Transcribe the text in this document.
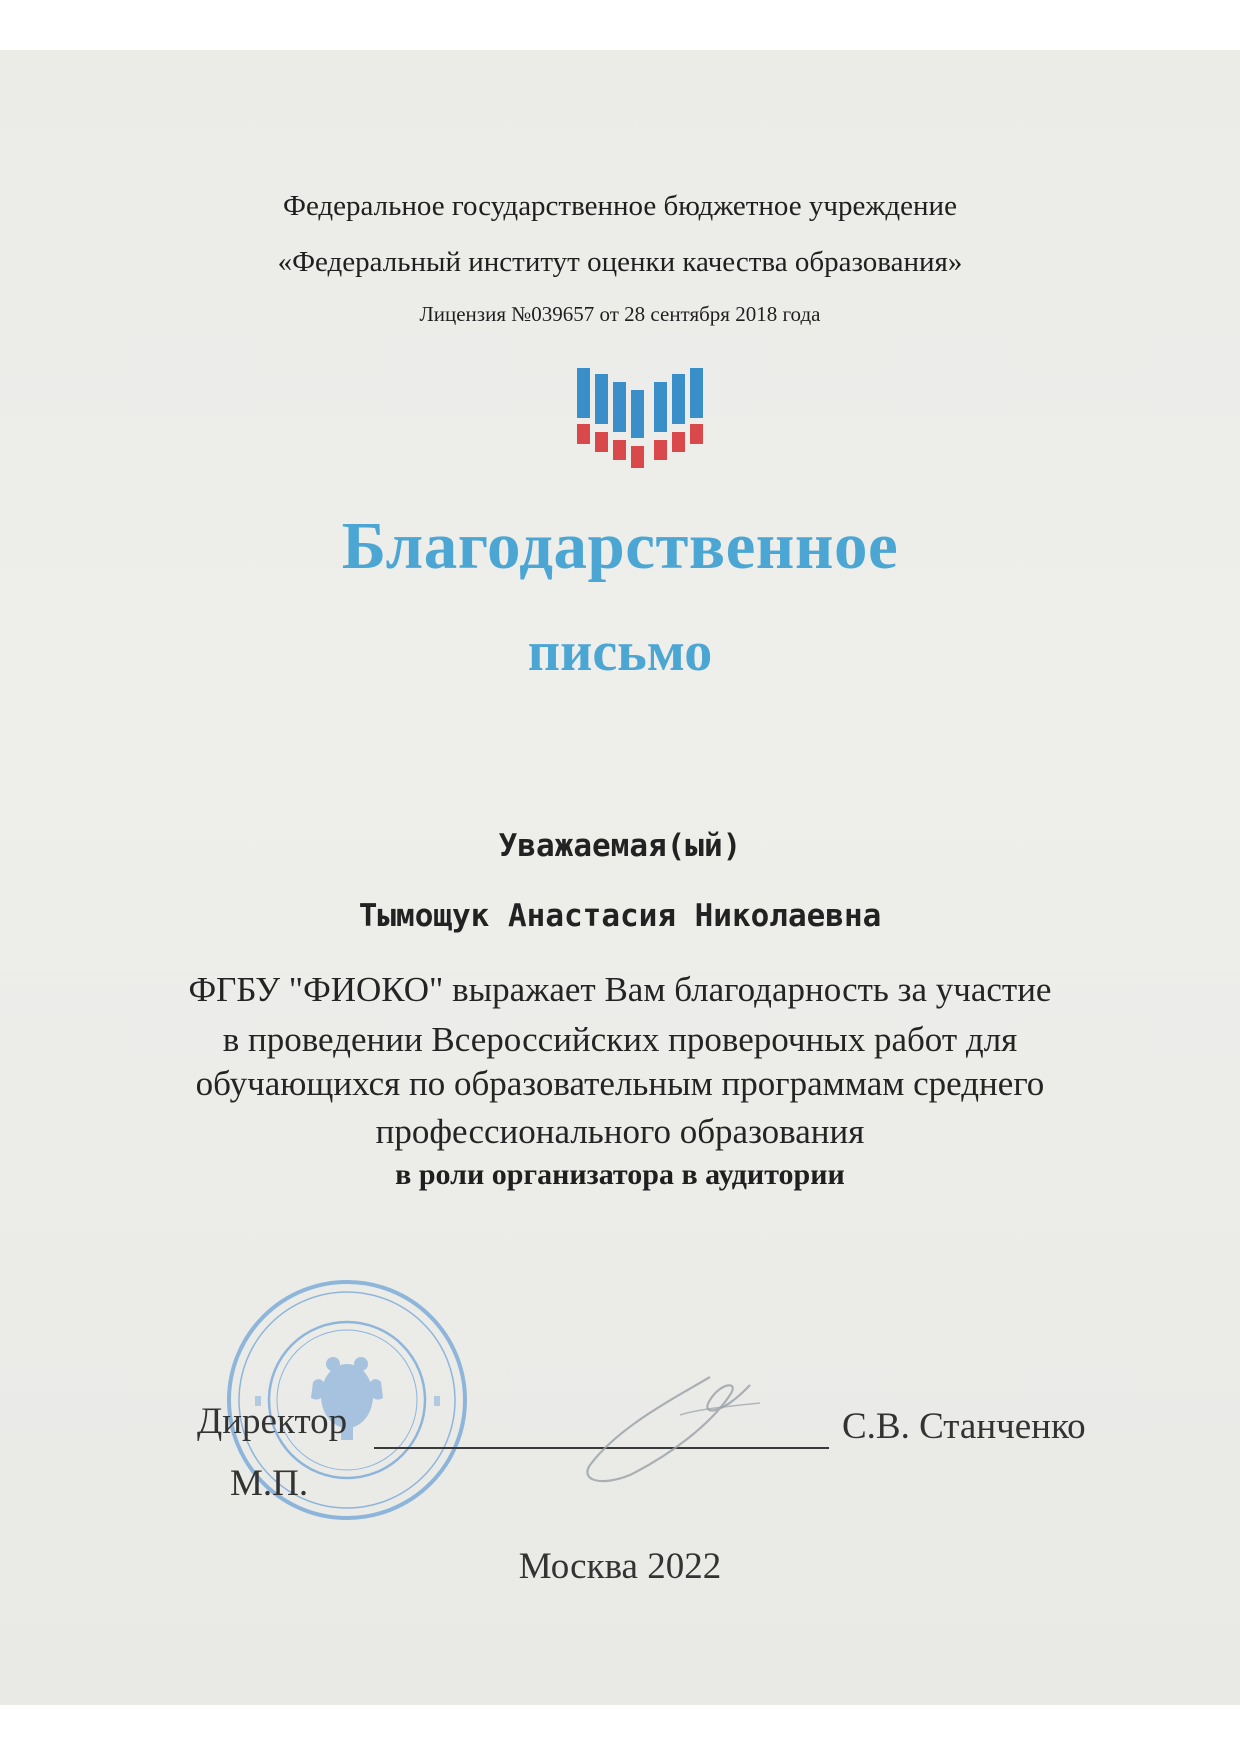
Федеральное государственное бюджетное учреждение
«Федеральный институт оценки качества образования»
Лицензия №039657 от 28 сентября 2018 года
Благодарственное
письмо
Уважаемая(ый)
Тымощук Анастасия Николаевна
ФГБУ "ФИОКО" выражает Вам благодарность за участие
в проведении Всероссийских проверочных работ для
обучающихся по образовательным программам среднего
профессионального образования
в роли организатора в аудитории
Директор	С.В. Станченко
М.П.
Москва 2022
